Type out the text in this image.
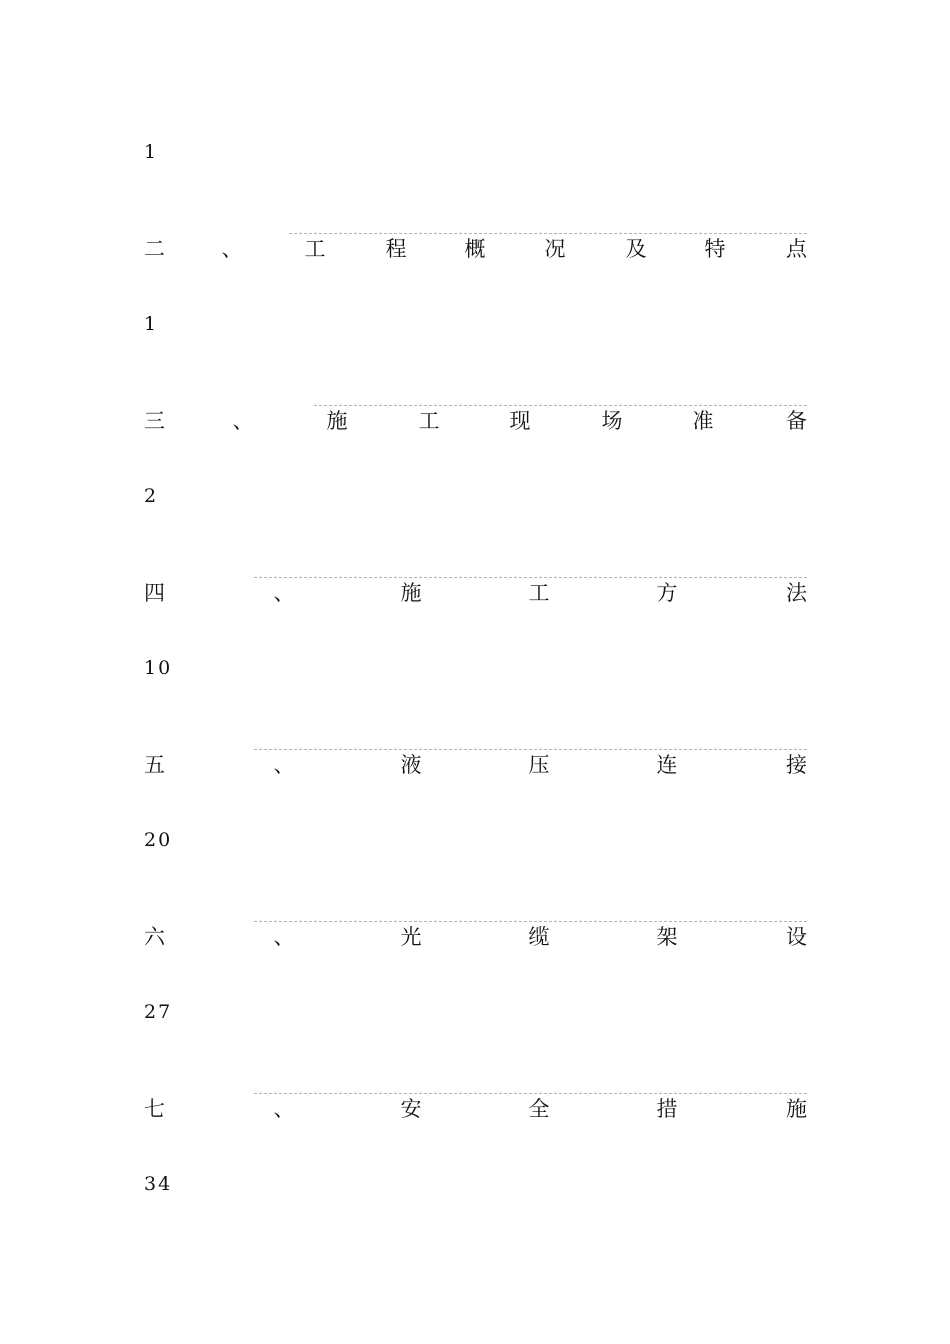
1
二	、	工	程	概	况	及	特	点
1
三	、	施	工	现	场	准	备
2
四	、	施	工	方	法
10
五	、	液	压	连	接
20
六	、	光	缆	架	设
27
七	、	安	全	措	施
34
